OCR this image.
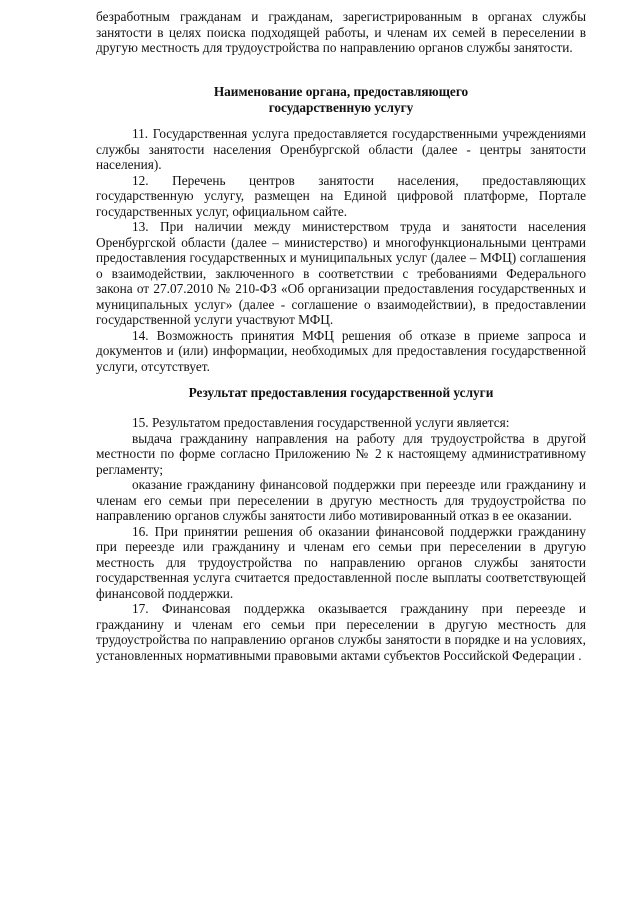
безработным гражданам и гражданам, зарегистрированным в органах службы занятости в целях поиска подходящей работы, и членам их семей в переселении в другую местность для трудоустройства по направлению органов службы занятости.

Наименование органа, предоставляющего
государственную услугу

11. Государственная услуга предоставляется государственными учреждениями службы занятости населения Оренбургской области (далее - центры занятости населения).

12. Перечень центров занятости населения, предоставляющих государственную услугу, размещен на Единой цифровой платформе, Портале государственных услуг, официальном сайте.

13. При наличии между министерством труда и занятости населения Оренбургской области (далее – министерство) и многофункциональными центрами предоставления государственных и муниципальных услуг (далее – МФЦ) соглашения о взаимодействии, заключенного в соответствии с требованиями Федерального закона от 27.07.2010 № 210-ФЗ «Об организации предоставления государственных и муниципальных услуг» (далее - соглашение о взаимодействии), в предоставлении государственной услуги участвуют МФЦ.

14. Возможность принятия МФЦ решения об отказе в приеме запроса и документов и (или) информации, необходимых для предоставления государственной услуги, отсутствует.

Результат предоставления государственной услуги

15. Результатом предоставления государственной услуги является:

выдача гражданину направления на работу для трудоустройства в другой местности по форме согласно Приложению № 2 к настоящему административному регламенту;

оказание гражданину финансовой поддержки при переезде или гражданину и членам его семьи при переселении в другую местность для трудоустройства по направлению органов службы занятости либо мотивированный отказ в ее оказании.

16. При принятии решения об оказании финансовой поддержки гражданину при переезде или гражданину и членам его семьи при переселении в другую местность для трудоустройства по направлению органов службы занятости государственная услуга считается предоставленной после выплаты соответствующей финансовой поддержки.

17. Финансовая поддержка оказывается гражданину при переезде и гражданину и членам его семьи при переселении в другую местность для трудоустройства по направлению органов службы занятости в порядке и на условиях, установленных нормативными правовыми актами субъектов Российской Федерации .
